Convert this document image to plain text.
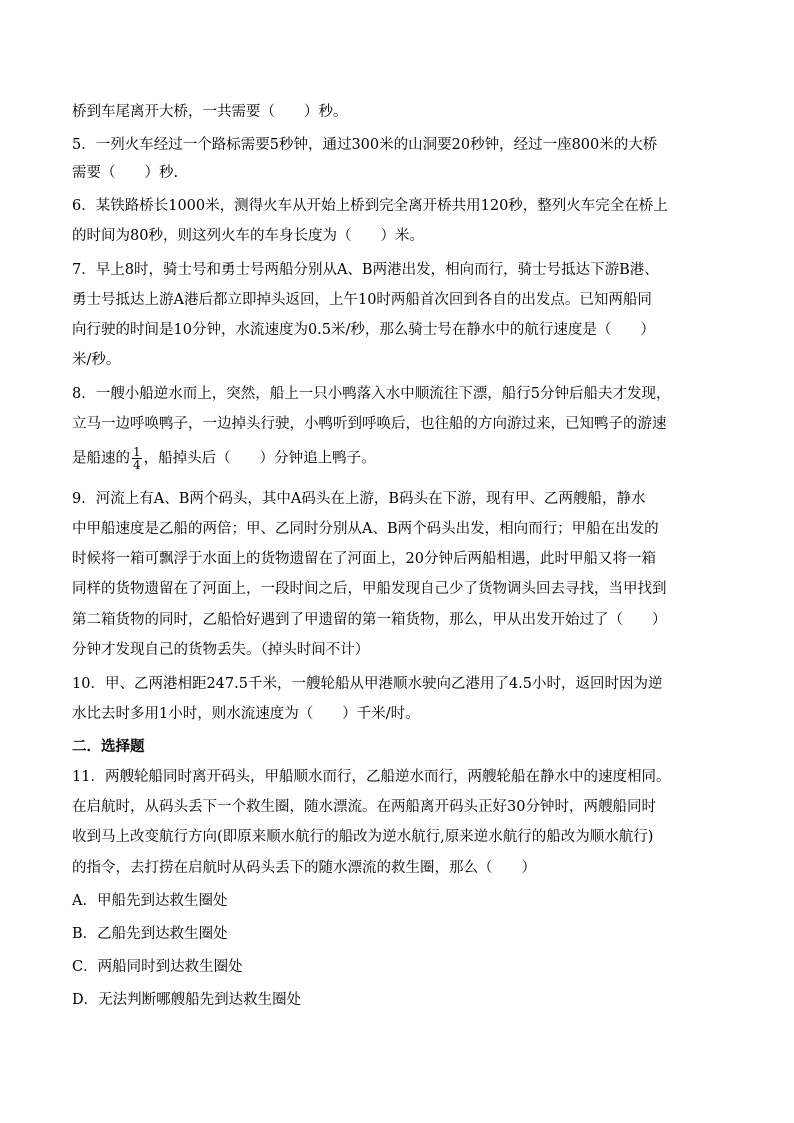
桥到车尾离开大桥，一共需要（　　）秒。
5．一列火车经过一个路标需要5秒钟，通过300米的山洞要20秒钟，经过一座800米的大桥
需要（　　）秒.
6．某铁路桥长1000米，测得火车从开始上桥到完全离开桥共用120秒，整列火车完全在桥上
的时间为80秒，则这列火车的车身长度为（　　）米。
7．早上8时，骑士号和勇士号两船分别从A、B两港出发，相向而行，骑士号抵达下游B港、
勇士号抵达上游A港后都立即掉头返回，上午10时两船首次回到各自的出发点。已知两船同
向行驶的时间是10分钟，水流速度为0.5米/秒，那么骑士号在静水中的航行速度是（　　）
米/秒。
8．一艘小船逆水而上，突然，船上一只小鸭落入水中顺流往下漂，船行5分钟后船夫才发现，
立马一边呼唤鸭子，一边掉头行驶，小鸭听到呼唤后，也往船的方向游过来，已知鸭子的游速
是船速的 $\frac{1}{4}$ ，船掉头后（　　）分钟追上鸭子。
9．河流上有A、B两个码头，其中A码头在上游，B码头在下游，现有甲、乙两艘船，静水
中甲船速度是乙船的两倍；甲、乙同时分别从A、B两个码头出发，相向而行；甲船在出发的
时候将一箱可飘浮于水面上的货物遗留在了河面上，20分钟后两船相遇，此时甲船又将一箱
同样的货物遗留在了河面上，一段时间之后，甲船发现自己少了货物调头回去寻找，当甲找到
第二箱货物的同时，乙船恰好遇到了甲遗留的第一箱货物，那么，甲从出发开始过了（　　）
分钟才发现自己的货物丢失。（掉头时间不计）
10．甲、乙两港相距247.5千米，一艘轮船从甲港顺水驶向乙港用了4.5小时，返回时因为逆
水比去时多用1小时，则水流速度为（　　）千米/时。
二．选择题
11．两艘轮船同时离开码头，甲船顺水而行，乙船逆水而行，两艘轮船在静水中的速度相同。
在启航时，从码头丢下一个救生圈，随水漂流。在两船离开码头正好30分钟时，两艘船同时
收到马上改变航行方向(即原来顺水航行的船改为逆水航行,原来逆水航行的船改为顺水航行)
的指令，去打捞在启航时从码头丢下的随水漂流的救生圈，那么（　　）
A．甲船先到达救生圈处
B．乙船先到达救生圈处
C．两船同时到达救生圈处
D．无法判断哪艘船先到达救生圈处
